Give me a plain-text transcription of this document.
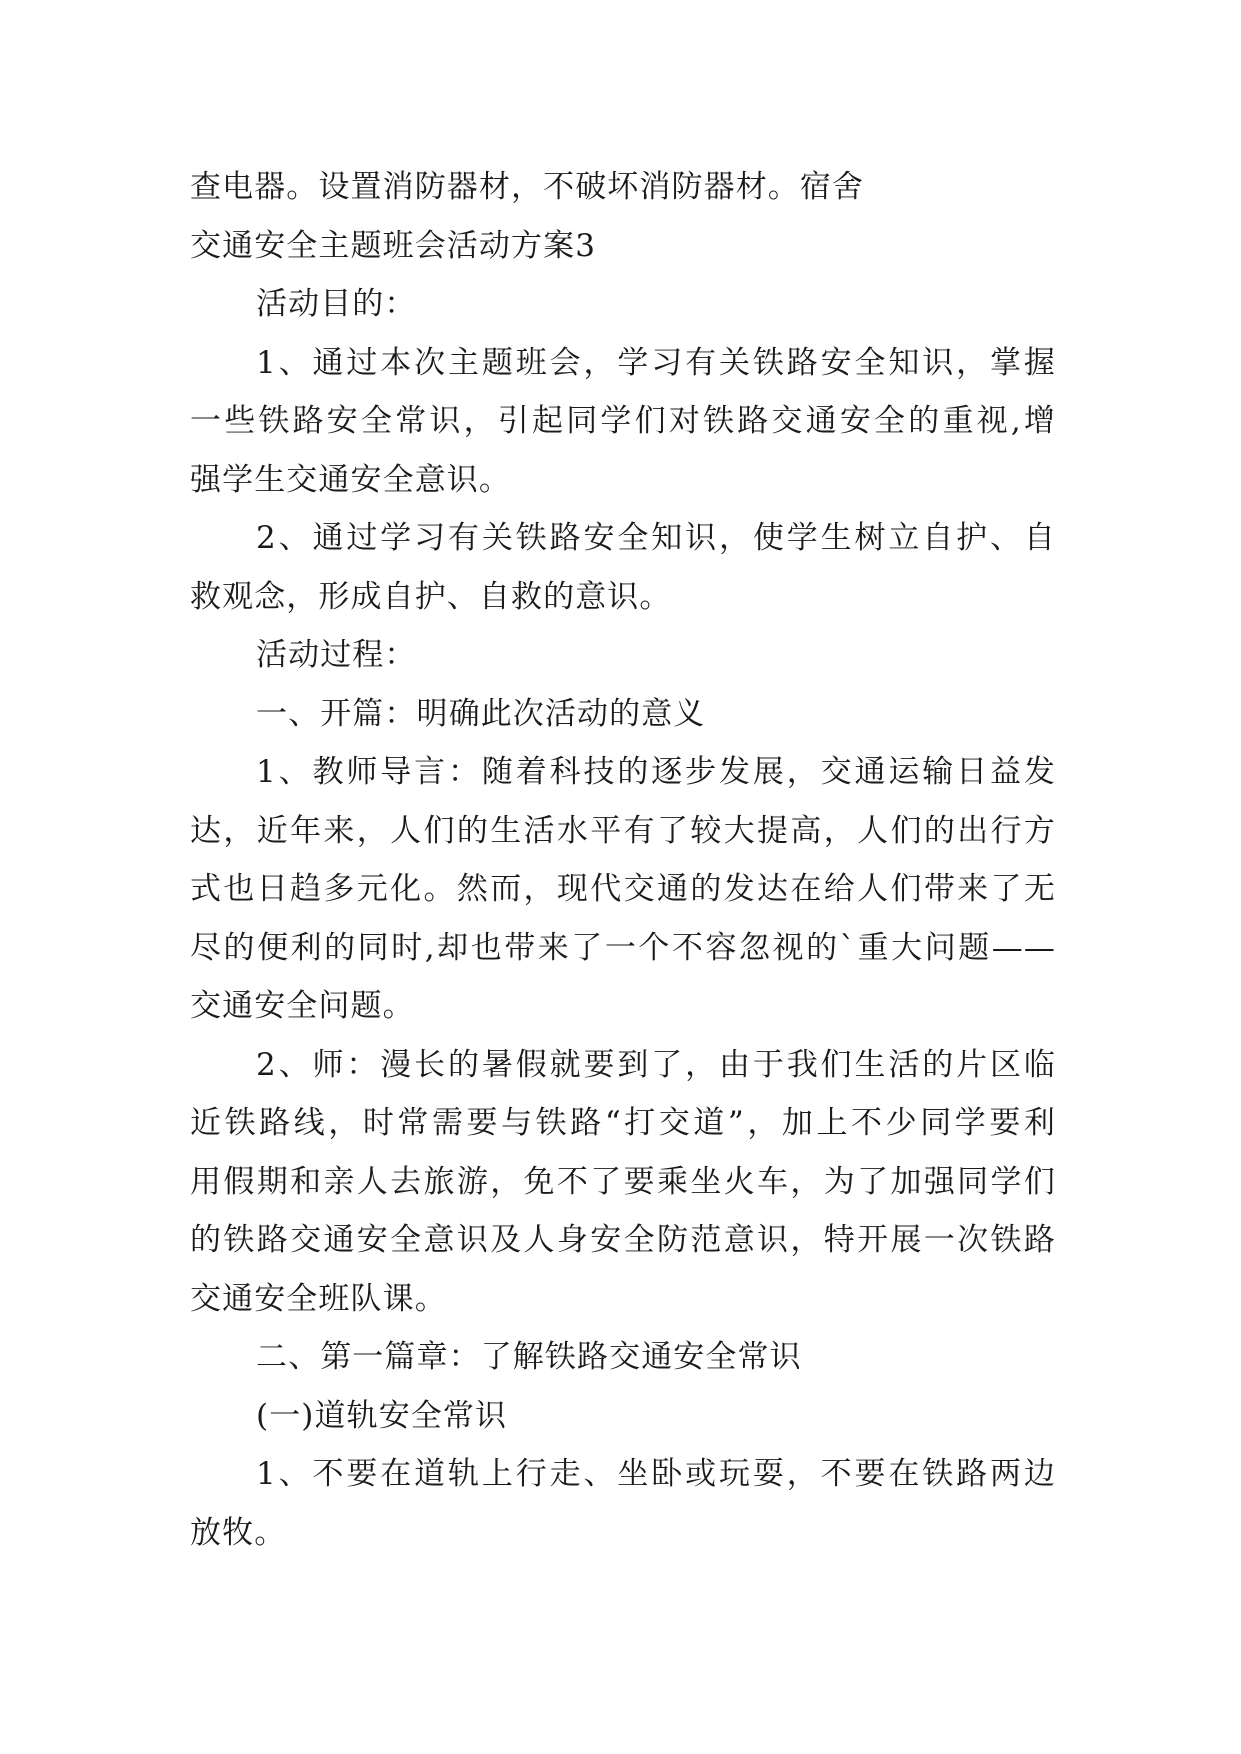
查电器。设置消防器材，不破坏消防器材。宿舍
交通安全主题班会活动方案3
活动目的：
1、通过本次主题班会，学习有关铁路安全知识，掌握
一些铁路安全常识，引起同学们对铁路交通安全的重视,增
强学生交通安全意识。
2、通过学习有关铁路安全知识，使学生树立自护、自
救观念，形成自护、自救的意识。
活动过程：
一、开篇：明确此次活动的意义
1、教师导言：随着科技的逐步发展，交通运输日益发
达，近年来，人们的生活水平有了较大提高，人们的出行方
式也日趋多元化。然而，现代交通的发达在给人们带来了无
尽的便利的同时,却也带来了一个不容忽视的`重大问题——
交通安全问题。
2、师：漫长的暑假就要到了，由于我们生活的片区临
近铁路线，时常需要与铁路“打交道”，加上不少同学要利
用假期和亲人去旅游，免不了要乘坐火车，为了加强同学们
的铁路交通安全意识及人身安全防范意识，特开展一次铁路
交通安全班队课。
二、第一篇章：了解铁路交通安全常识
(一)道轨安全常识
1、不要在道轨上行走、坐卧或玩耍，不要在铁路两边
放牧。
